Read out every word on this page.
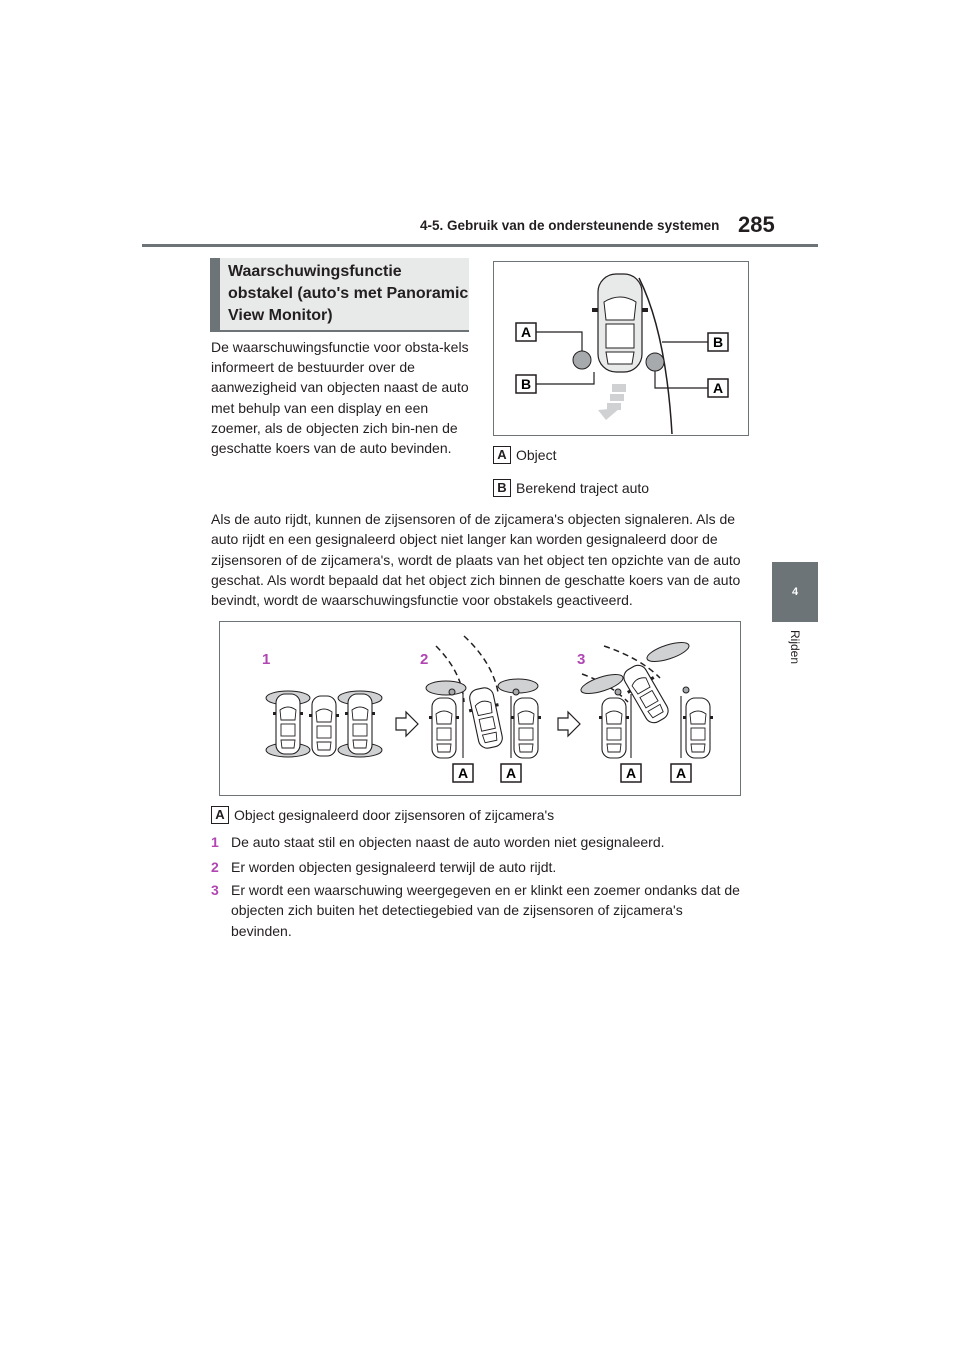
4-5. Gebruik van de ondersteunende systemen 285
4
Rijden
Waarschuwingsfunctie obstakel (auto's met Panoramic View Monitor)
De waarschuwingsfunctie voor obsta-kels informeert de bestuurder over de aanwezigheid van objecten naast de auto met behulp van een display en een zoemer, als de objecten zich bin-nen de geschatte koers van de auto bevinden.
A
B
B
A
A Object
B Berekend traject auto
Als de auto rijdt, kunnen de zijsensoren of de zijcamera's objecten signaleren. Als de auto rijdt en een gesignaleerd object niet langer kan worden gesignaleerd door de zijsensoren of de zijcamera's, wordt de plaats van het object ten opzichte van de auto geschat. Als wordt bepaald dat het object zich binnen de geschatte koers van de auto bevindt, wordt de waarschuwingsfunctie voor obstakels geactiveerd.
1	2	3
A	A	A	A
A Object gesignaleerd door zijsensoren of zijcamera's
1 De auto staat stil en objecten naast de auto worden niet gesignaleerd.
2 Er worden objecten gesignaleerd terwijl de auto rijdt.
3 Er wordt een waarschuwing weergegeven en er klinkt een zoemer ondanks dat de objecten zich buiten het detectiegebied van de zijsensoren of zijcamera's bevinden.
